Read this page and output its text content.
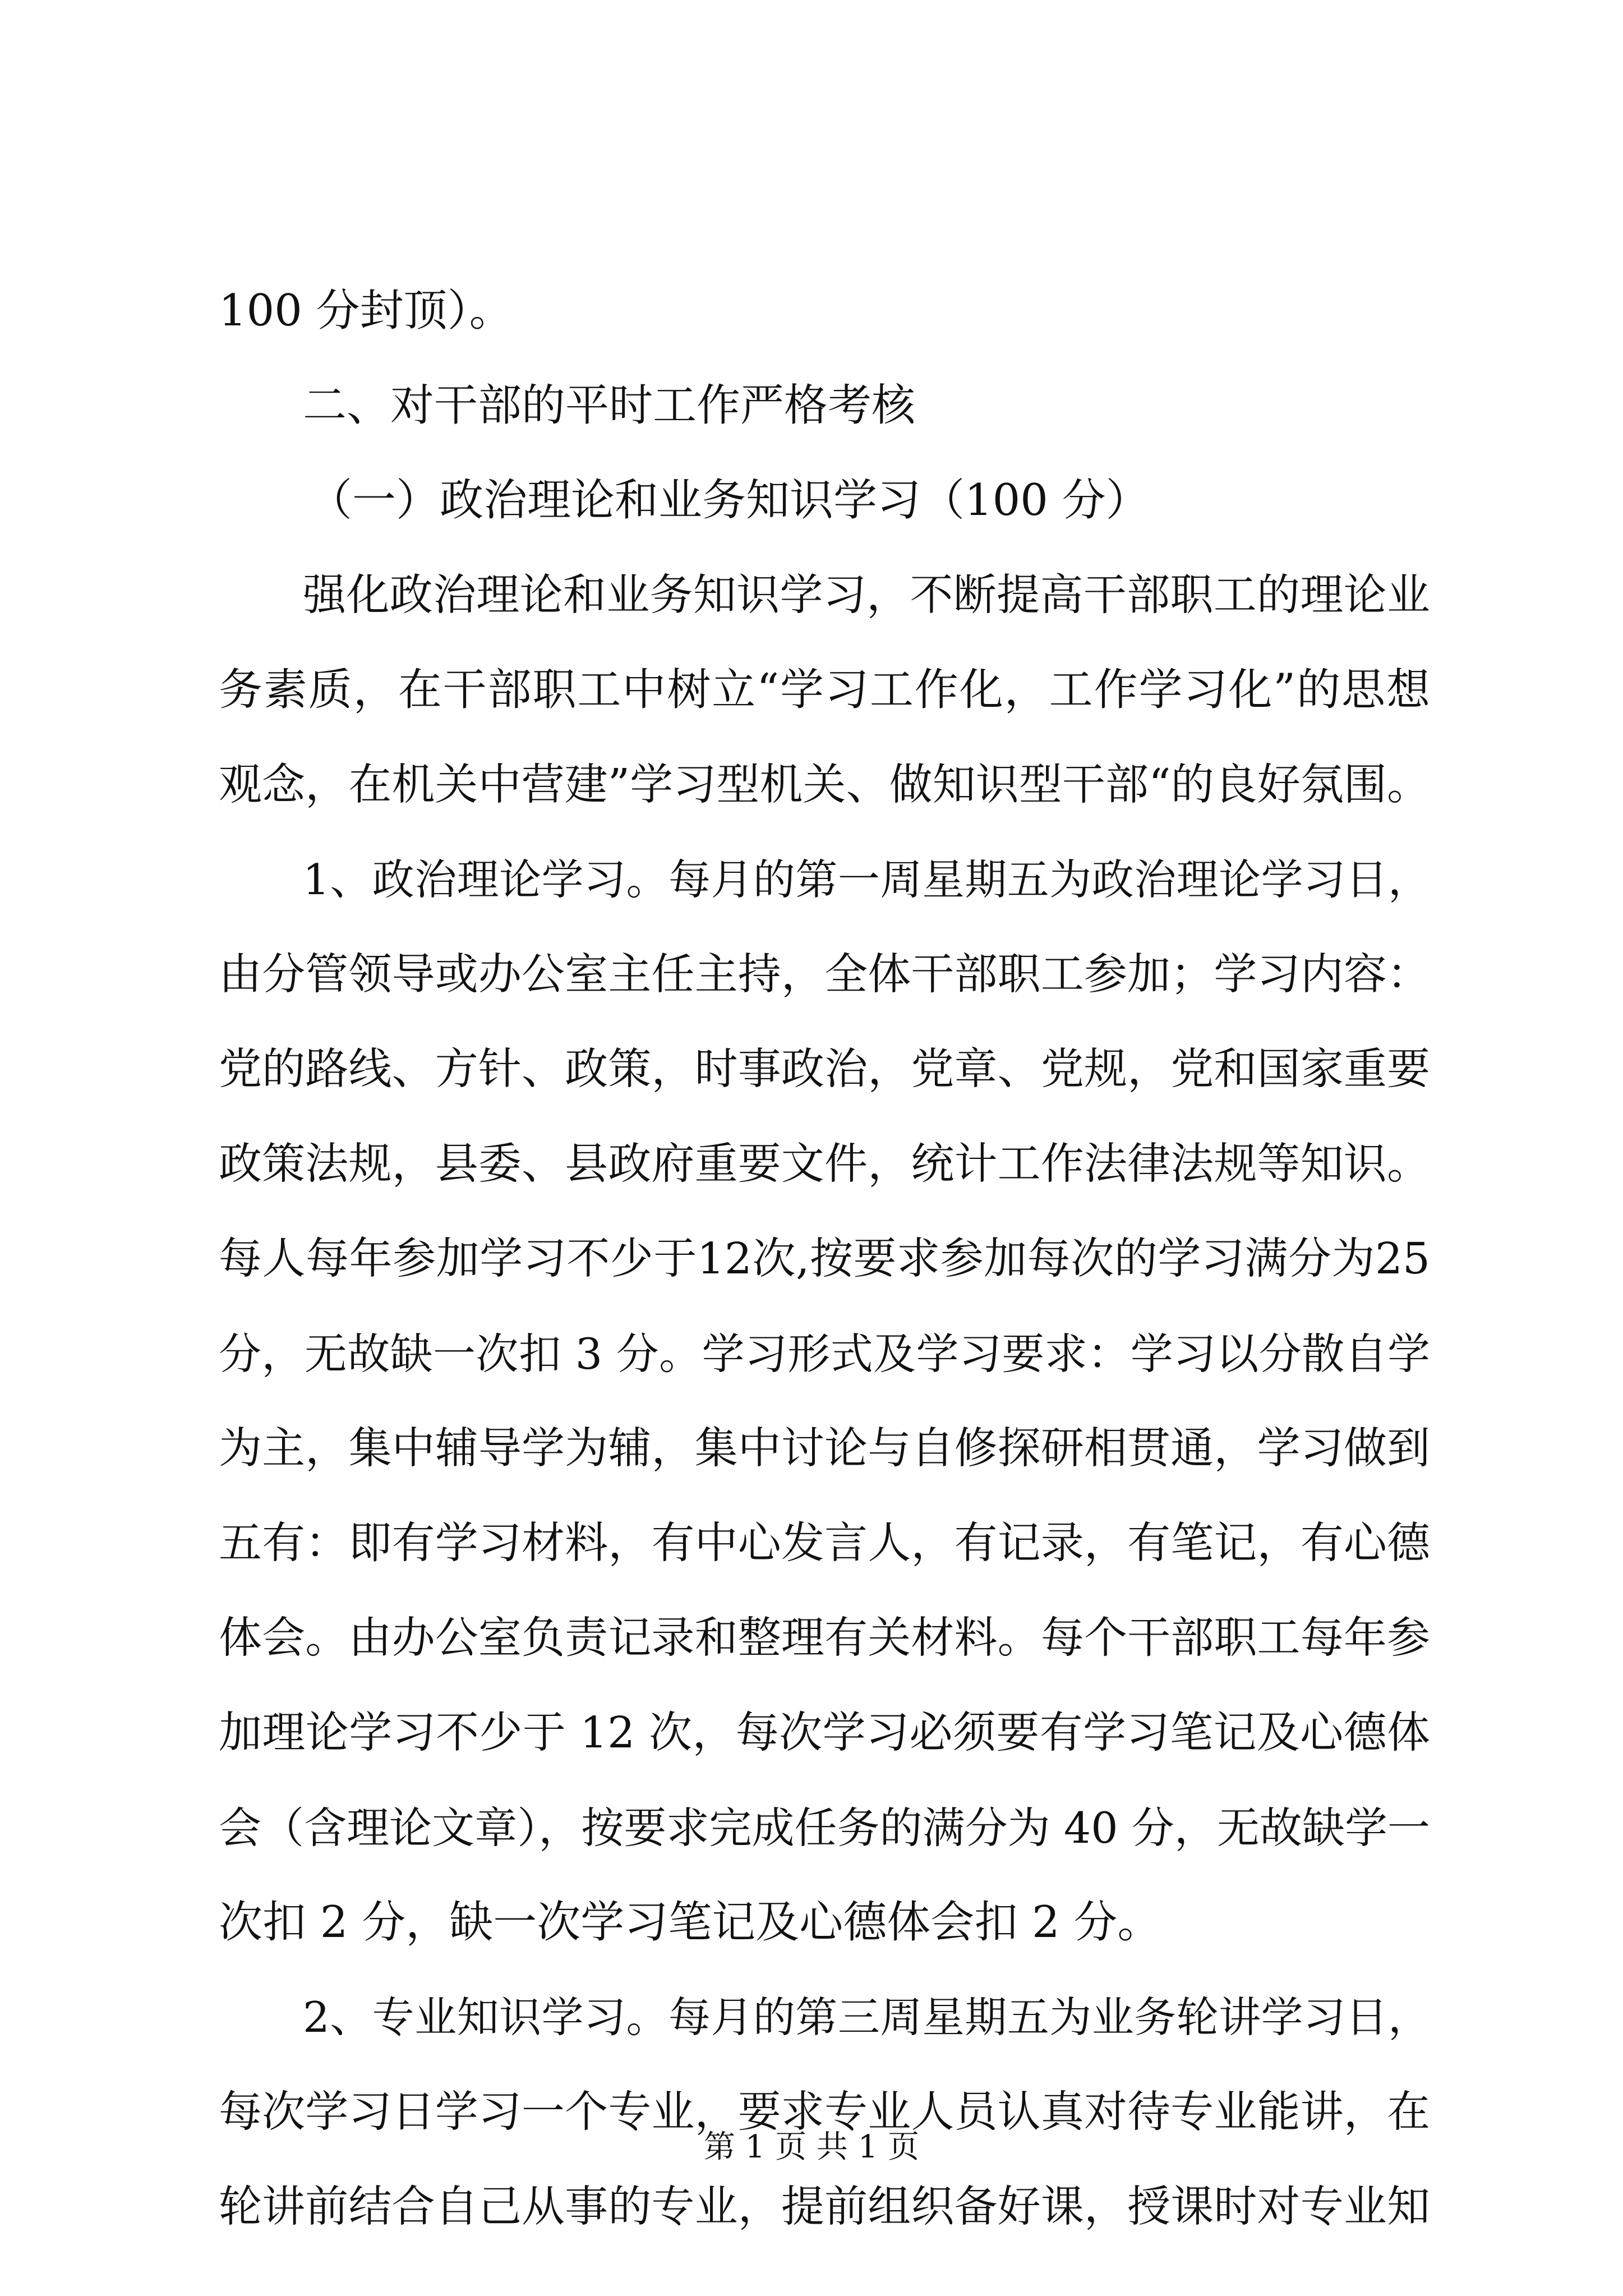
100 分封顶）。
二、对干部的平时工作严格考核
（一）政治理论和业务知识学习（100 分）
强化政治理论和业务知识学习，不断提高干部职工的理论业
务素质，在干部职工中树立“学习工作化，工作学习化”的思想
观念，在机关中营建”学习型机关、做知识型干部“的良好氛围。
1、政治理论学习。每月的第一周星期五为政治理论学习日，
由分管领导或办公室主任主持，全体干部职工参加；学习内容：
党的路线、方针、政策，时事政治，党章、党规，党和国家重要
政策法规，县委、县政府重要文件，统计工作法律法规等知识。
每人每年参加学习不少于12次,按要求参加每次的学习满分为25
分，无故缺一次扣 3 分。学习形式及学习要求：学习以分散自学
为主，集中辅导学为辅，集中讨论与自修探研相贯通，学习做到
五有：即有学习材料，有中心发言人，有记录，有笔记，有心德
体会。由办公室负责记录和整理有关材料。每个干部职工每年参
加理论学习不少于 12 次，每次学习必须要有学习笔记及心德体
会（含理论文章），按要求完成任务的满分为 40 分，无故缺学一
次扣 2 分，缺一次学习笔记及心德体会扣 2 分。
2、专业知识学习。每月的第三周星期五为业务轮讲学习日，
每次学习日学习一个专业，要求专业人员认真对待专业能讲，在
轮讲前结合自己从事的专业，提前组织备好课，授课时对专业知
第 1 页 共 1 页
